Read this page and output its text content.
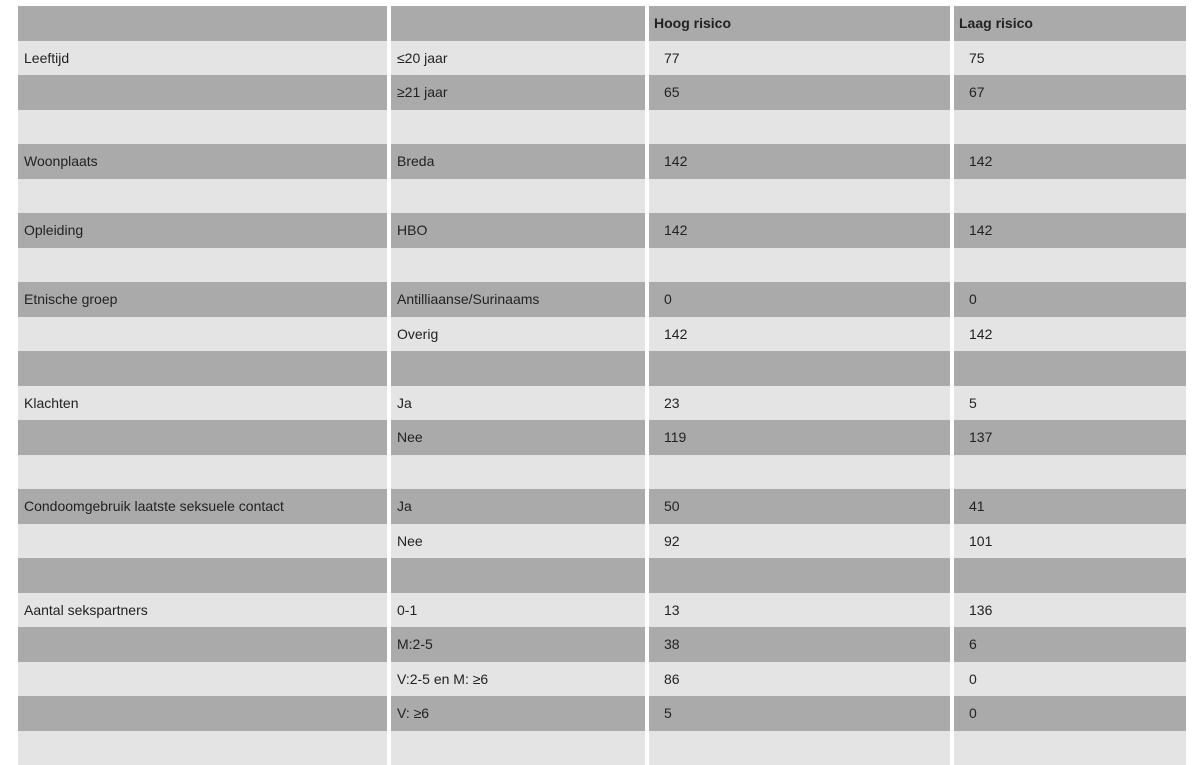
		Hoog risico	Laag risico
Leeftijd	≤20 jaar	77	75
	≥21 jaar	65	67

Woonplaats	Breda	142	142

Opleiding	HBO	142	142

Etnische groep	Antilliaanse/Surinaams	0	0
	Overig	142	142

Klachten	Ja	23	5
	Nee	119	137

Condoomgebruik laatste seksuele contact	Ja	50	41
	Nee	92	101

Aantal sekspartners	0-1	13	136
	M:2-5	38	6
	V:2-5 en M: ≥6	86	0
	V: ≥6	5	0
